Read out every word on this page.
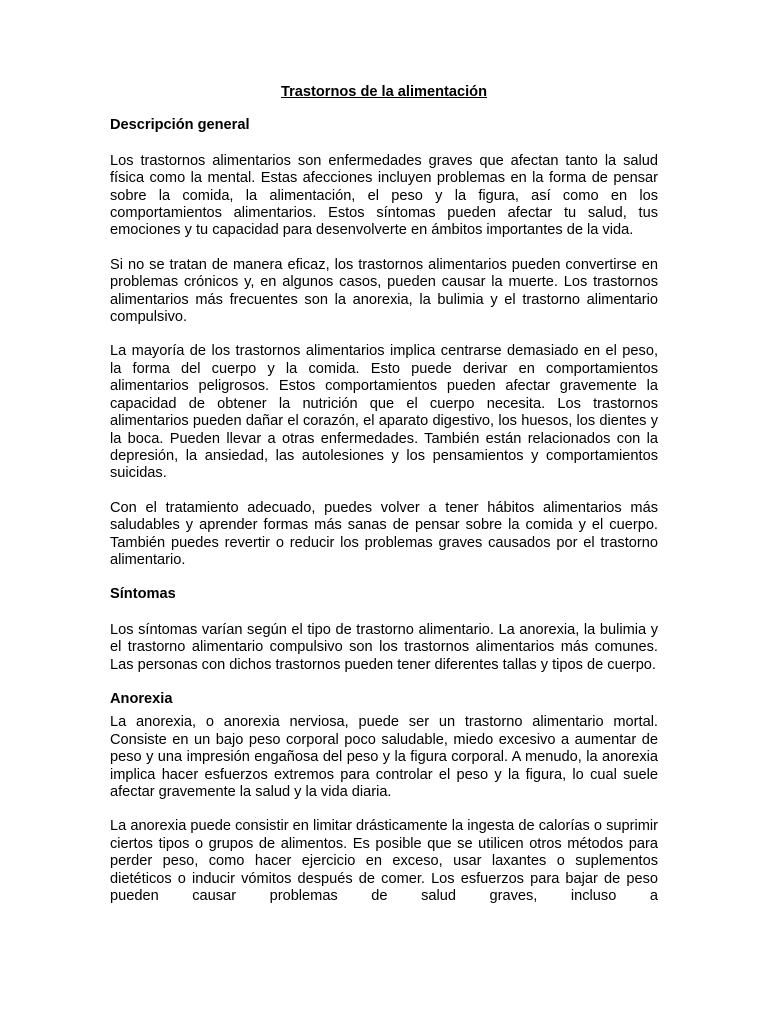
Trastornos de la alimentación
Descripción general

Los trastornos alimentarios son enfermedades graves que afectan tanto la salud física como la mental. Estas afecciones incluyen problemas en la forma de pensar sobre la comida, la alimentación, el peso y la figura, así como en los comportamientos alimentarios. Estos síntomas pueden afectar tu salud, tus emociones y tu capacidad para desenvolverte en ámbitos importantes de la vida.

Si no se tratan de manera eficaz, los trastornos alimentarios pueden convertirse en problemas crónicos y, en algunos casos, pueden causar la muerte. Los trastornos alimentarios más frecuentes son la anorexia, la bulimia y el trastorno alimentario compulsivo.

La mayoría de los trastornos alimentarios implica centrarse demasiado en el peso, la forma del cuerpo y la comida. Esto puede derivar en comportamientos alimentarios peligrosos. Estos comportamientos pueden afectar gravemente la capacidad de obtener la nutrición que el cuerpo necesita. Los trastornos alimentarios pueden dañar el corazón, el aparato digestivo, los huesos, los dientes y la boca. Pueden llevar a otras enfermedades. También están relacionados con la depresión, la ansiedad, las autolesiones y los pensamientos y comportamientos suicidas.

Con el tratamiento adecuado, puedes volver a tener hábitos alimentarios más saludables y aprender formas más sanas de pensar sobre la comida y el cuerpo. También puedes revertir o reducir los problemas graves causados por el trastorno alimentario.

Síntomas

Los síntomas varían según el tipo de trastorno alimentario. La anorexia, la bulimia y el trastorno alimentario compulsivo son los trastornos alimentarios más comunes. Las personas con dichos trastornos pueden tener diferentes tallas y tipos de cuerpo.

Anorexia

La anorexia, o anorexia nerviosa, puede ser un trastorno alimentario mortal. Consiste en un bajo peso corporal poco saludable, miedo excesivo a aumentar de peso y una impresión engañosa del peso y la figura corporal. A menudo, la anorexia implica hacer esfuerzos extremos para controlar el peso y la figura, lo cual suele afectar gravemente la salud y la vida diaria.

La anorexia puede consistir en limitar drásticamente la ingesta de calorías o suprimir ciertos tipos o grupos de alimentos. Es posible que se utilicen otros métodos para perder peso, como hacer ejercicio en exceso, usar laxantes o suplementos dietéticos o inducir vómitos después de comer. Los esfuerzos para bajar de peso pueden causar problemas de salud graves, incluso a
